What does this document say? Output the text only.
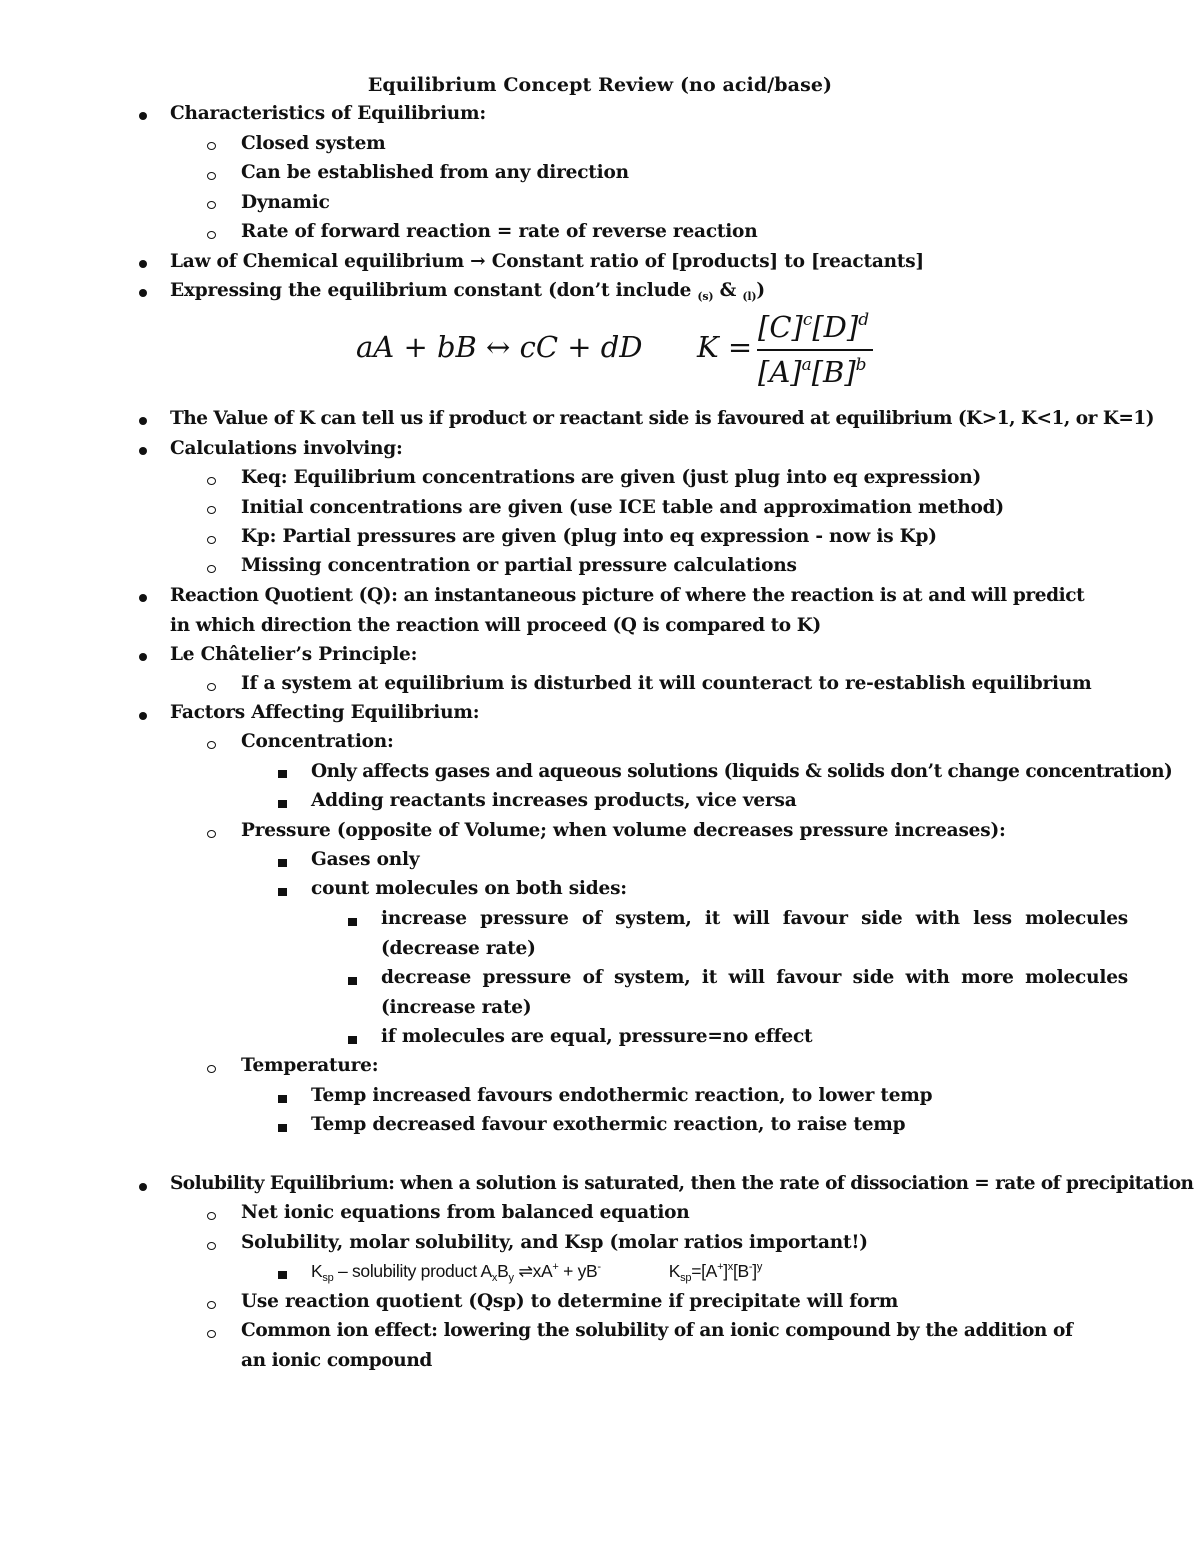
Equilibrium Concept Review (no acid/base)
Characteristics of Equilibrium:
Closed system
Can be established from any direction
Dynamic
Rate of forward reaction = rate of reverse reaction
Law of Chemical equilibrium → Constant ratio of [products] to [reactants]
Expressing the equilibrium constant (don’t include $_{(s)}$ & $_{(l)}$)
aA + bB ↔ cC + dD K =
$[C]^c[D]^d$
$[A]^a[B]^b$
The Value of K can tell us if product or reactant side is favoured at equilibrium (K>1, K<1, or K=1)
Calculations involving:
Keq: Equilibrium concentrations are given (just plug into eq expression)
Initial concentrations are given (use ICE table and approximation method)
Kp: Partial pressures are given (plug into eq expression - now is Kp)
Missing concentration or partial pressure calculations
Reaction Quotient (Q): an instantaneous picture of where the reaction is at and will predict in which direction the reaction will proceed (Q is compared to K)
Le Châtelier’s Principle:
If a system at equilibrium is disturbed it will counteract to re-establish equilibrium
Factors Affecting Equilibrium:
Concentration:
Only affects gases and aqueous solutions (liquids & solids don’t change concentration)
Adding reactants increases products, vice versa
Pressure (opposite of Volume; when volume decreases pressure increases):
Gases only
count molecules on both sides:
increase pressure of system, it will favour side with less molecules (decrease rate)
decrease pressure of system, it will favour side with more molecules (increase rate)
if molecules are equal, pressure=no effect
Temperature:
Temp increased favours endothermic reaction, to lower temp
Temp decreased favour exothermic reaction, to raise temp
Solubility Equilibrium: when a solution is saturated, then the rate of dissociation = rate of precipitation
Net ionic equations from balanced equation
Solubility, molar solubility, and Ksp (molar ratios important!)
$K_{sp}$ – solubility product $A_xB_y$ ⇌xA+ + yB-	$K_{sp}=[A^+]^x[B^-]^y$
Use reaction quotient (Qsp) to determine if precipitate will form
Common ion effect: lowering the solubility of an ionic compound by the addition of an ionic compound
